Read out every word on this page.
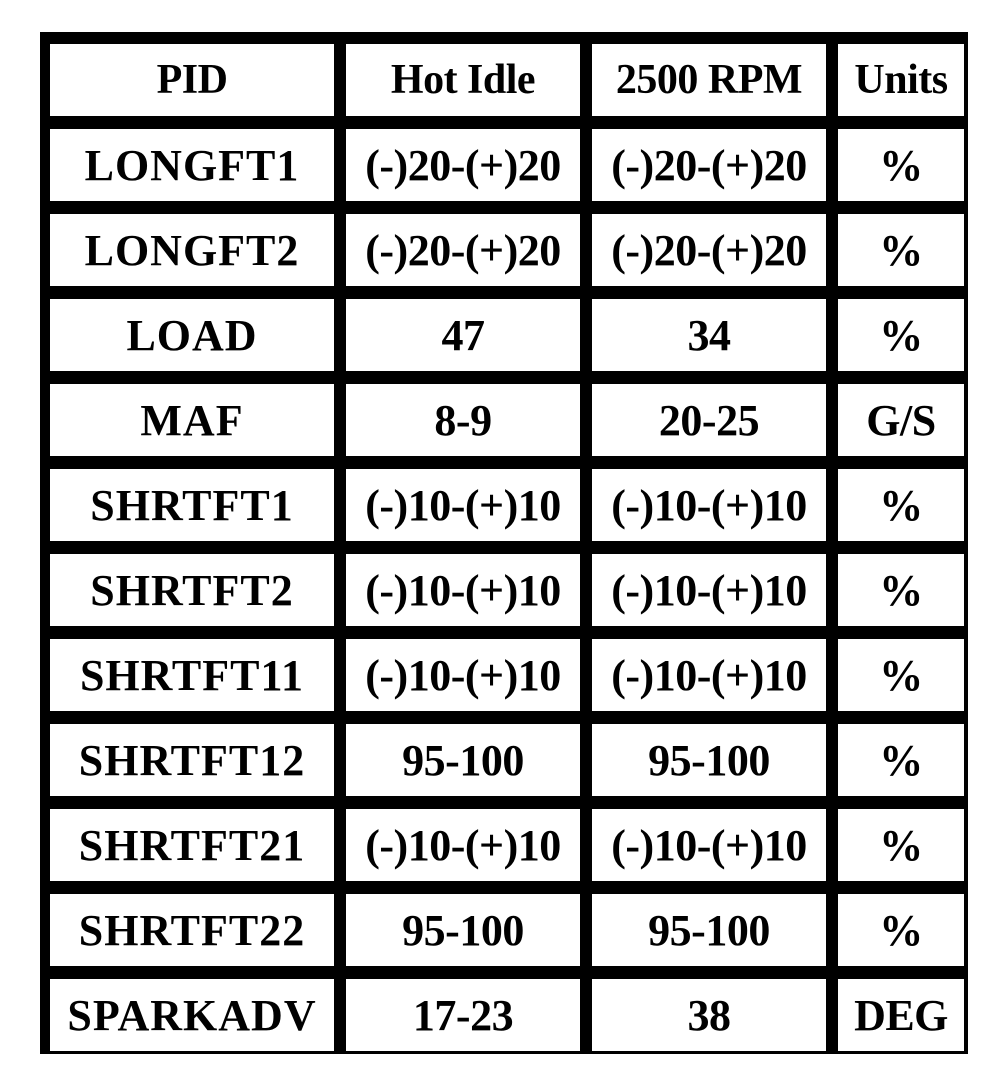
PID	Hot Idle	2500 RPM	Units
LONGFT1	(-)20-(+)20	(-)20-(+)20	%
LONGFT2	(-)20-(+)20	(-)20-(+)20	%
LOAD	47	34	%
MAF	8-9	20-25	G/S
SHRTFT1	(-)10-(+)10	(-)10-(+)10	%
SHRTFT2	(-)10-(+)10	(-)10-(+)10	%
SHRTFT11	(-)10-(+)10	(-)10-(+)10	%
SHRTFT12	95-100	95-100	%
SHRTFT21	(-)10-(+)10	(-)10-(+)10	%
SHRTFT22	95-100	95-100	%
SPARKADV	17-23	38	DEG
